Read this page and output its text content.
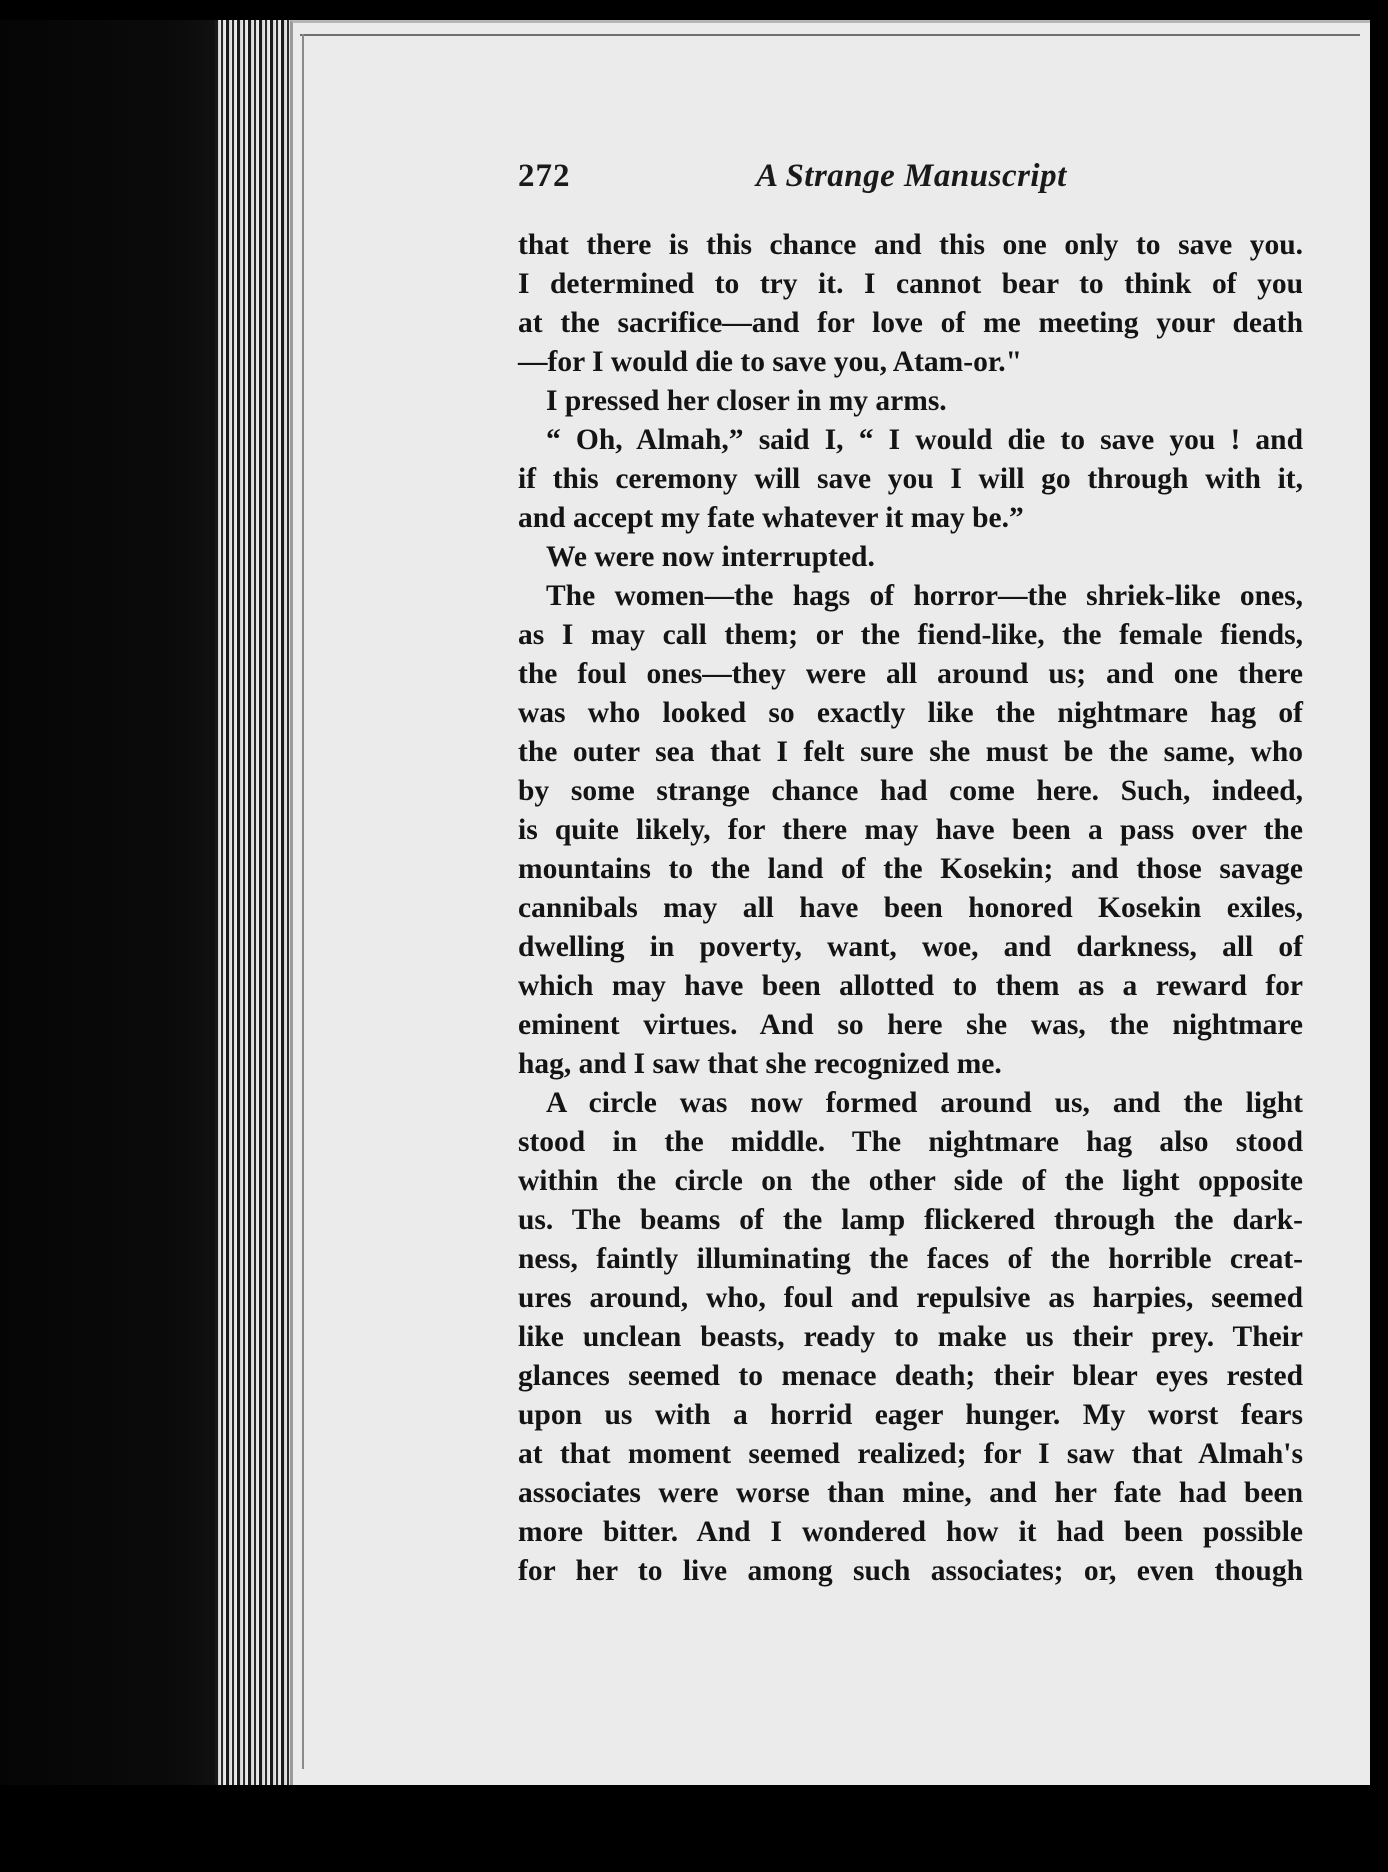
272	A Strange Manuscript
that there is this chance and this one only to save you.
I determined to try it. I cannot bear to think of you
at the sacrifice—and for love of me meeting your death
—for I would die to save you, Atam-or."
I pressed her closer in my arms.
“ Oh, Almah,” said I, “ I would die to save you ! and
if this ceremony will save you I will go through with it,
and accept my fate whatever it may be.”
We were now interrupted.
The women—the hags of horror—the shriek-like ones,
as I may call them; or the fiend-like, the female fiends,
the foul ones—they were all around us; and one there
was who looked so exactly like the nightmare hag of
the outer sea that I felt sure she must be the same, who
by some strange chance had come here. Such, indeed,
is quite likely, for there may have been a pass over the
mountains to the land of the Kosekin; and those savage
cannibals may all have been honored Kosekin exiles,
dwelling in poverty, want, woe, and darkness, all of
which may have been allotted to them as a reward for
eminent virtues. And so here she was, the nightmare
hag, and I saw that she recognized me.
A circle was now formed around us, and the light
stood in the middle. The nightmare hag also stood
within the circle on the other side of the light opposite
us. The beams of the lamp flickered through the dark-
ness, faintly illuminating the faces of the horrible creat-
ures around, who, foul and repulsive as harpies, seemed
like unclean beasts, ready to make us their prey. Their
glances seemed to menace death; their blear eyes rested
upon us with a horrid eager hunger. My worst fears
at that moment seemed realized; for I saw that Almah's
associates were worse than mine, and her fate had been
more bitter. And I wondered how it had been possible
for her to live among such associates; or, even though
